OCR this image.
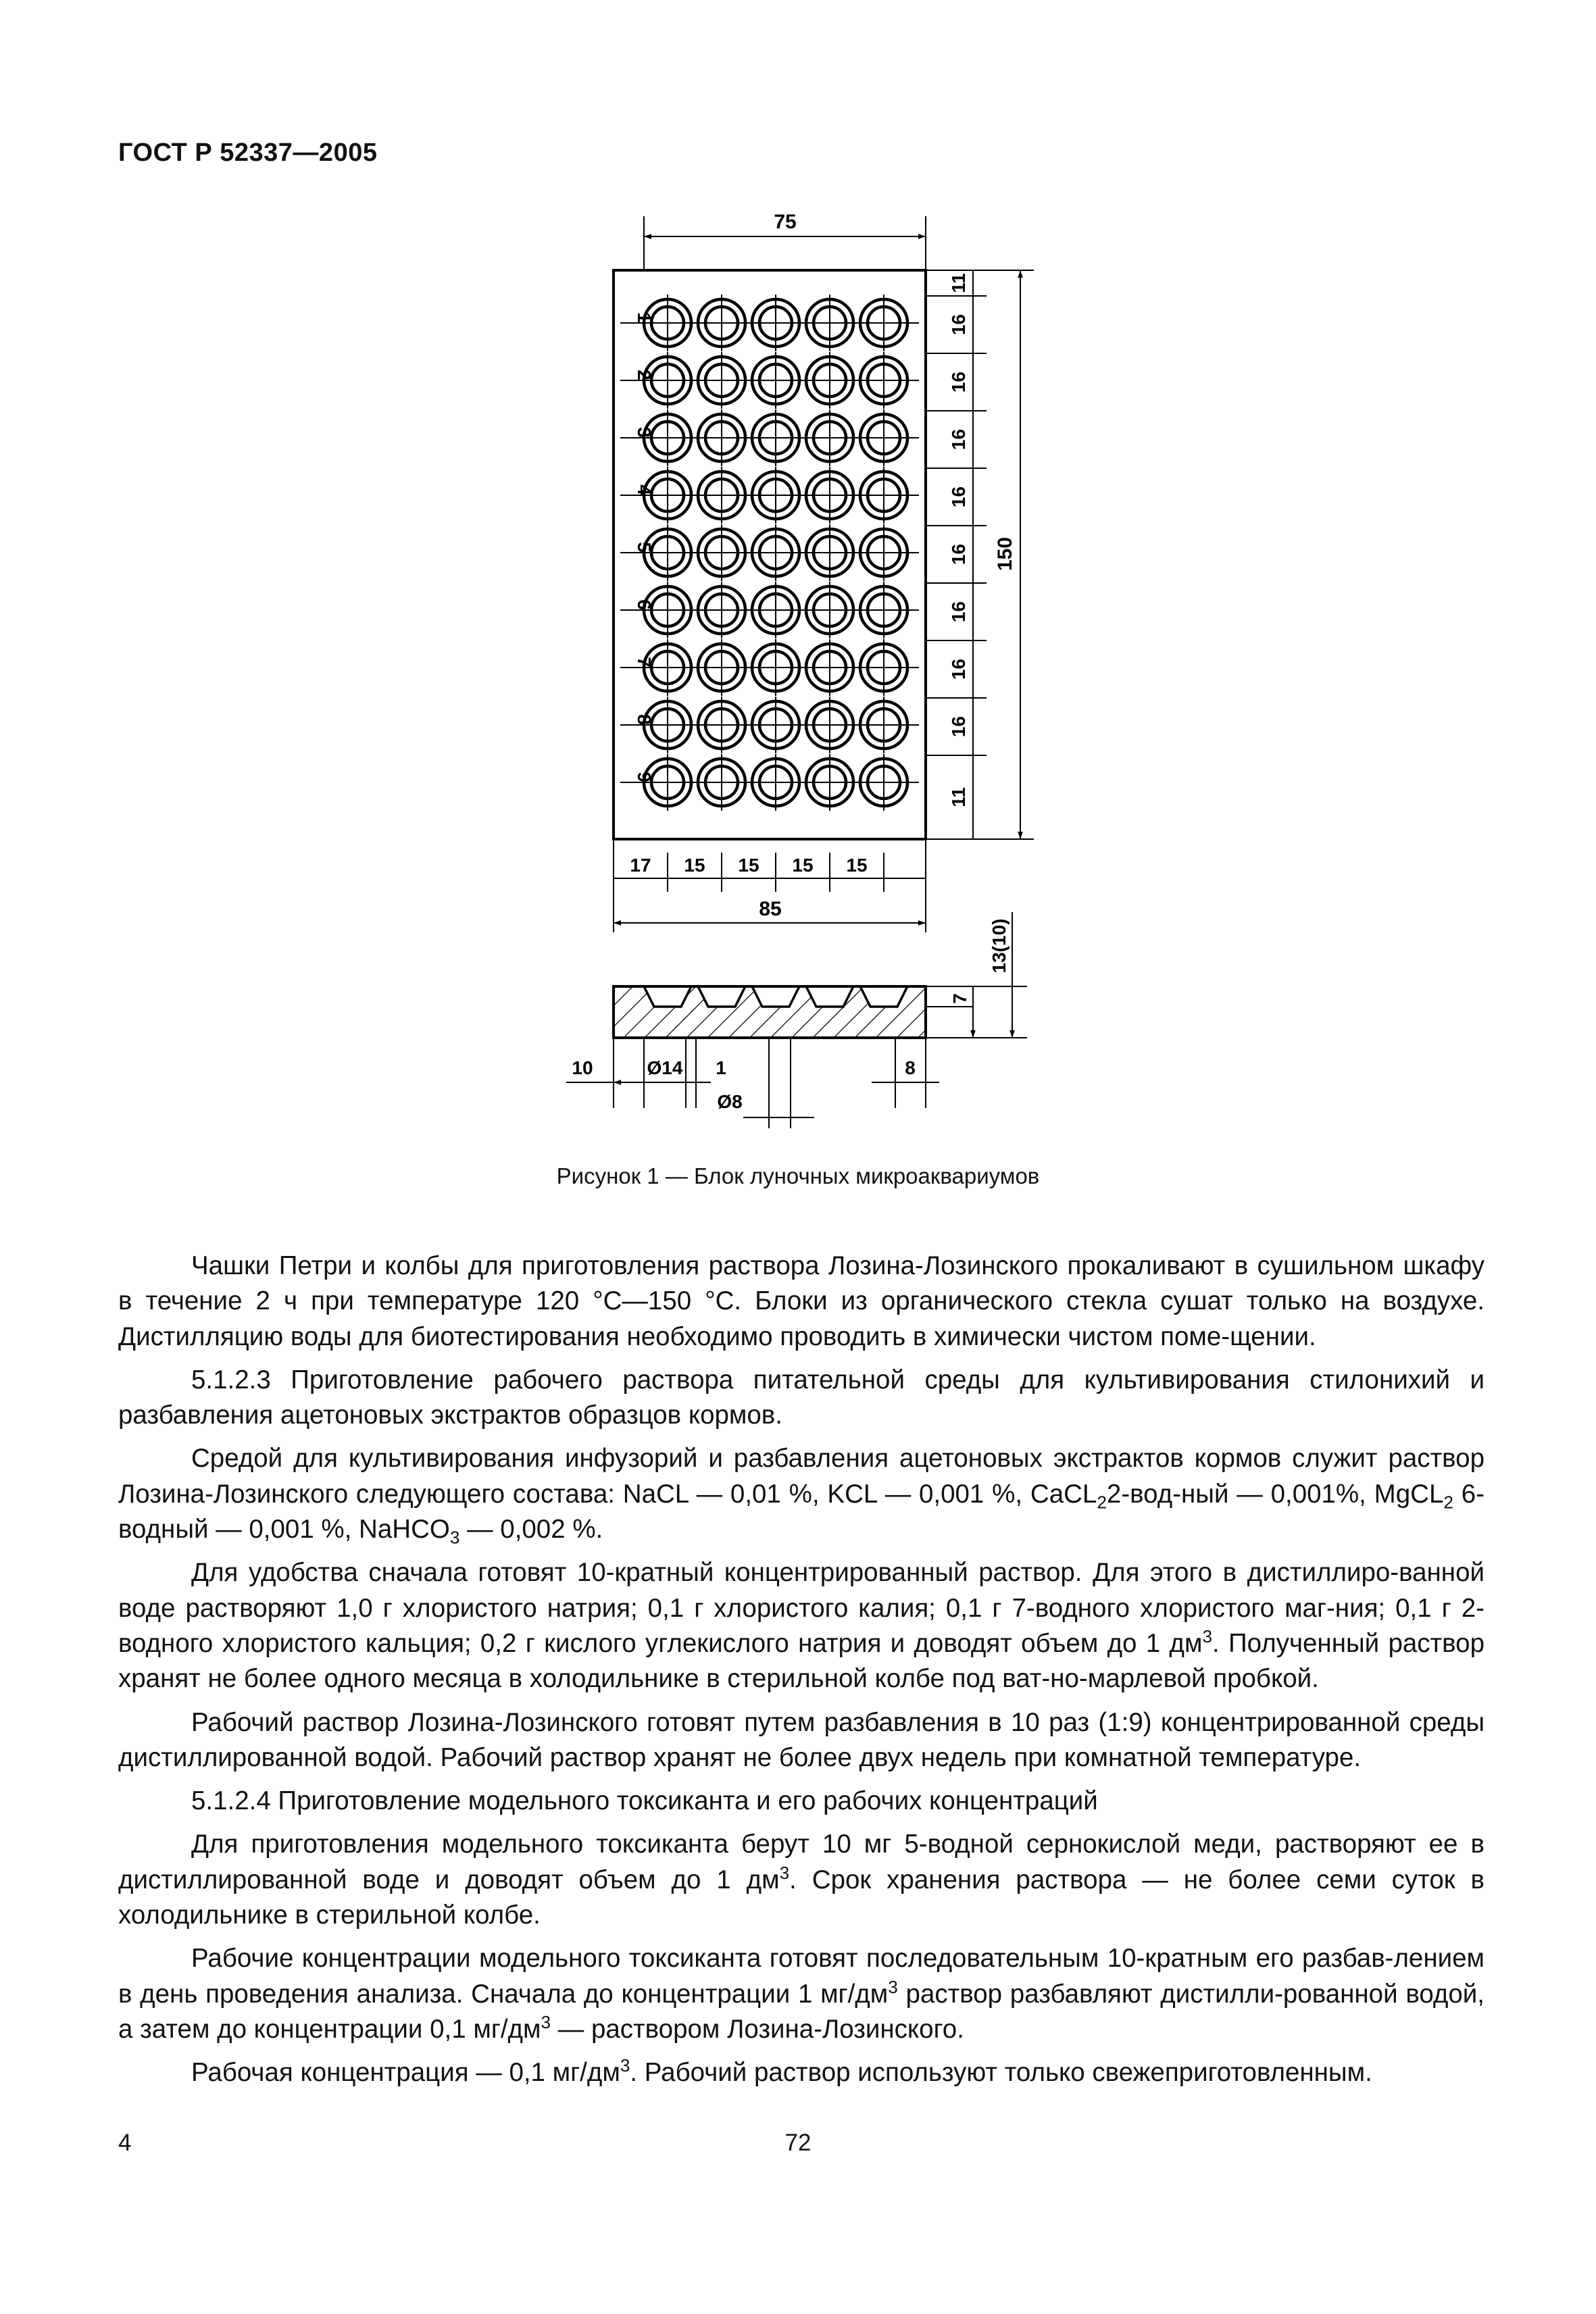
ГОСТ Р 52337—2005
1
2
3
4
5
6
7
8
9
75
11
16
16
16
16
16
16
16
16
11
150
17 15 15 15 15
85
7
13(10)
10	Ø14 1
Ø8
8
Рисунок 1 — Блок луночных микроаквариумов

Чашки Петри и колбы для приготовления раствора Лозина-Лозинского прокаливают в сушильном шкафу в течение 2 ч при температуре 120 °С—150 °С. Блоки из органического стекла сушат только на воздухе. Дистилляцию воды для биотестирования необходимо проводить в химически чистом поме-щении.

5.1.2.3 Приготовление рабочего раствора питательной среды для культивирования стилонихий и разбавления ацетоновых экстрактов образцов кормов.

Средой для культивирования инфузорий и разбавления ацетоновых экстрактов кормов служит раствор Лозина-Лозинского следующего состава: NaCL — 0,01 %, KCL — 0,001 %, CaCL$_2$2-вод-ный — 0,001%, MgCL$_2$ 6-водный — 0,001 %, NaHCO$_3$ — 0,002 %.

Для удобства сначала готовят 10-кратный концентрированный раствор. Для этого в дистиллиро-ванной воде растворяют 1,0 г хлористого натрия; 0,1 г хлористого калия; 0,1 г 7-водного хлористого маг-ния; 0,1 г 2-водного хлористого кальция; 0,2 г кислого углекислого натрия и доводят объем до 1 $дм^3$. Полученный раствор хранят не более одного месяца в холодильнике в стерильной колбе под ват-но-марлевой пробкой.

Рабочий раствор Лозина-Лозинского готовят путем разбавления в 10 раз (1:9) концентрированной среды дистиллированной водой. Рабочий раствор хранят не более двух недель при комнатной температуре.

5.1.2.4 Приготовление модельного токсиканта и его рабочих концентраций

Для приготовления модельного токсиканта берут 10 мг 5-водной сернокислой меди, растворяют ее в дистиллированной воде и доводят объем до 1 $дм^3$. Срок хранения раствора — не более семи суток в холодильнике в стерильной колбе.

Рабочие концентрации модельного токсиканта готовят последовательным 10-кратным его разбав-лением в день проведения анализа. Сначала до концентрации 1 $мг/дм^3$ раствор разбавляют дистилли-рованной водой, а затем до концентрации 0,1 $мг/дм^3$ — раствором Лозина-Лозинского.

Рабочая концентрация — 0,1 $мг/дм^3$. Рабочий раствор используют только свежеприготовленным.

4	72
